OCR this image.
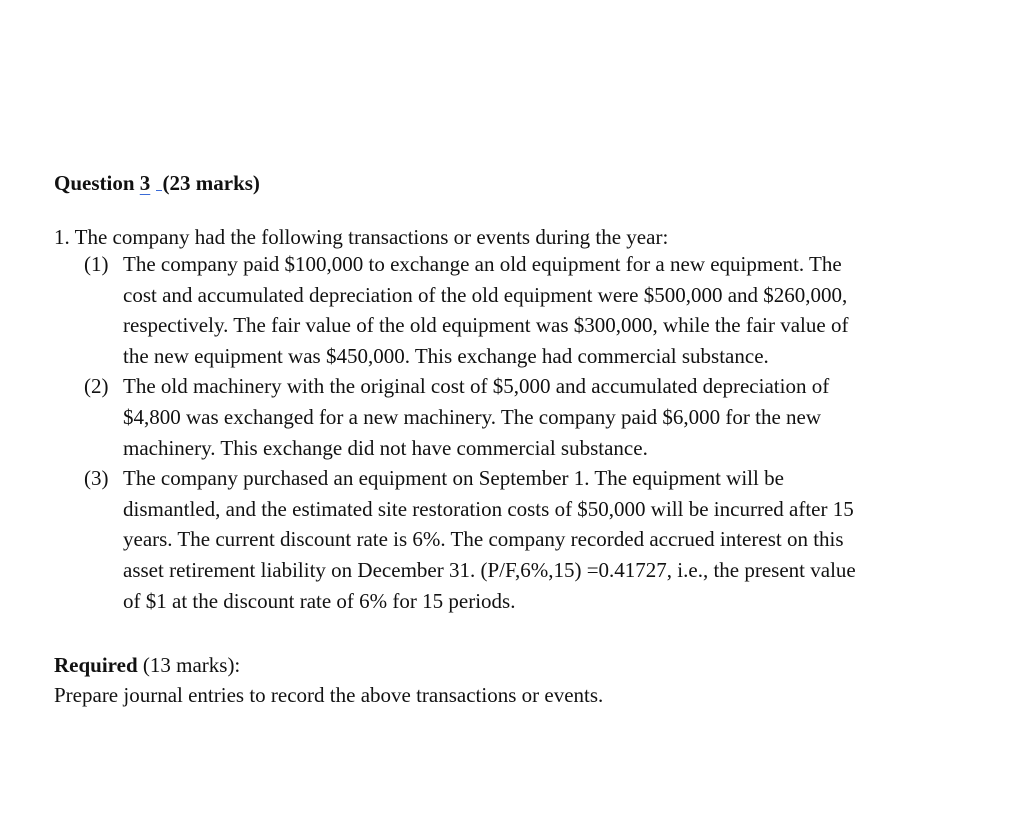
Question 3 (23 marks)
1. The company had the following transactions or events during the year:
(1) The company paid $100,000 to exchange an old equipment for a new equipment. The
cost and accumulated depreciation of the old equipment were $500,000 and $260,000,
respectively. The fair value of the old equipment was $300,000, while the fair value of
the new equipment was $450,000. This exchange had commercial substance.
(2) The old machinery with the original cost of $5,000 and accumulated depreciation of
$4,800 was exchanged for a new machinery. The company paid $6,000 for the new
machinery. This exchange did not have commercial substance.
(3) The company purchased an equipment on September 1. The equipment will be
dismantled, and the estimated site restoration costs of $50,000 will be incurred after 15
years. The current discount rate is 6%. The company recorded accrued interest on this
asset retirement liability on December 31. (P/F,6%,15) =0.41727, i.e., the present value
of $1 at the discount rate of 6% for 15 periods.
Required (13 marks):
Prepare journal entries to record the above transactions or events.
